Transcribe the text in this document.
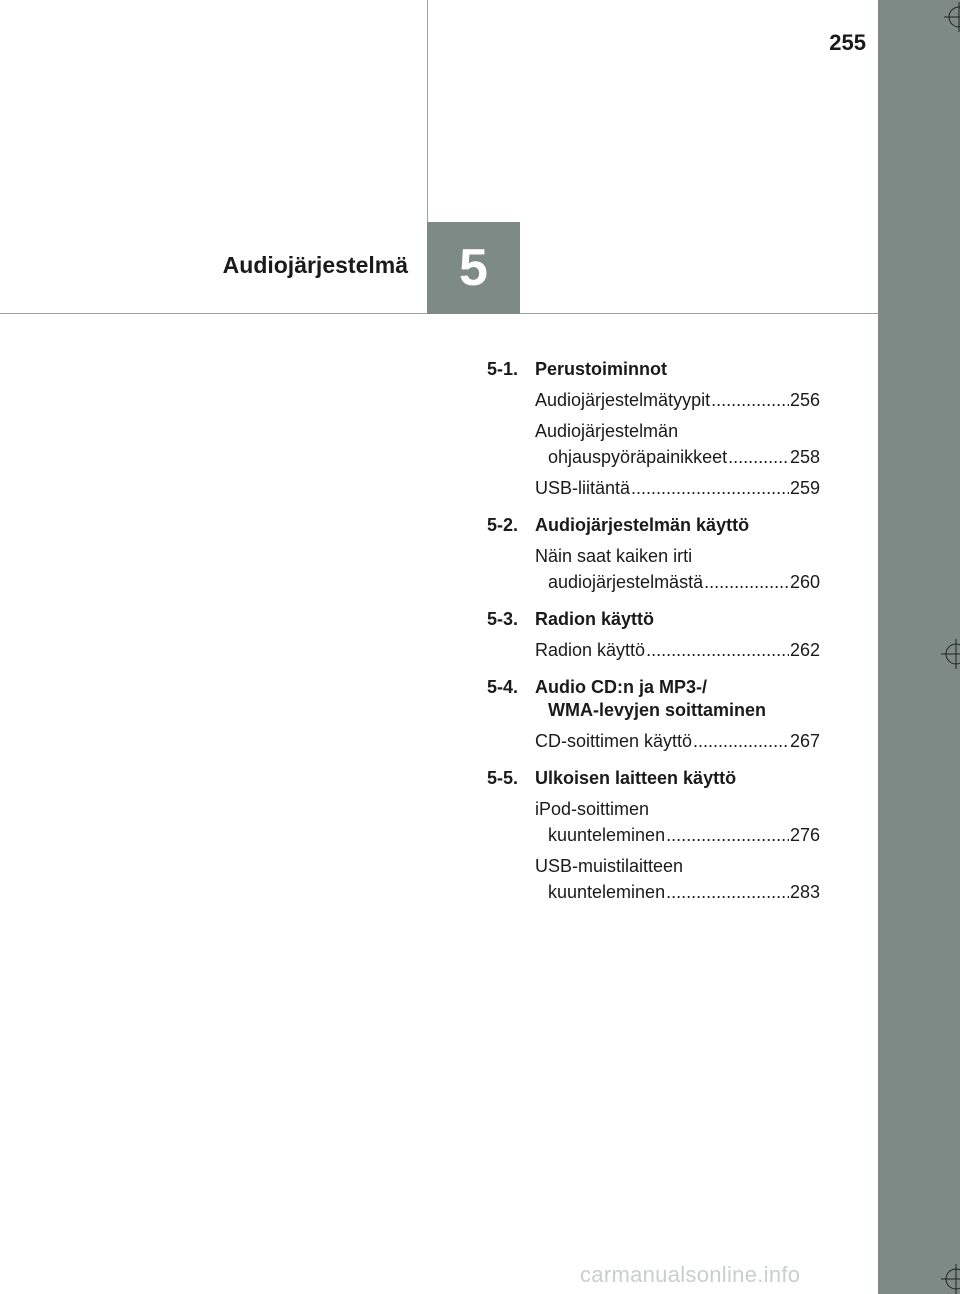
255
Audiojärjestelmä 5
5-1. Perustoiminnot
Audiojärjestelmätyypit .....	256
Audiojärjestelmän
ohjauspyöräpainikkeet .....	258
USB-liitäntä .....	259
5-2. Audiojärjestelmän käyttö
Näin saat kaiken irti
audiojärjestelmästä .....	260
5-3. Radion käyttö
Radion käyttö .....	262
5-4. Audio CD:n ja MP3-/
WMA-levyjen soittaminen
CD-soittimen käyttö .....	267
5-5. Ulkoisen laitteen käyttö
iPod-soittimen
kuunteleminen .....	276
USB-muistilaitteen
kuunteleminen .....	283
carmanualsonline.info
